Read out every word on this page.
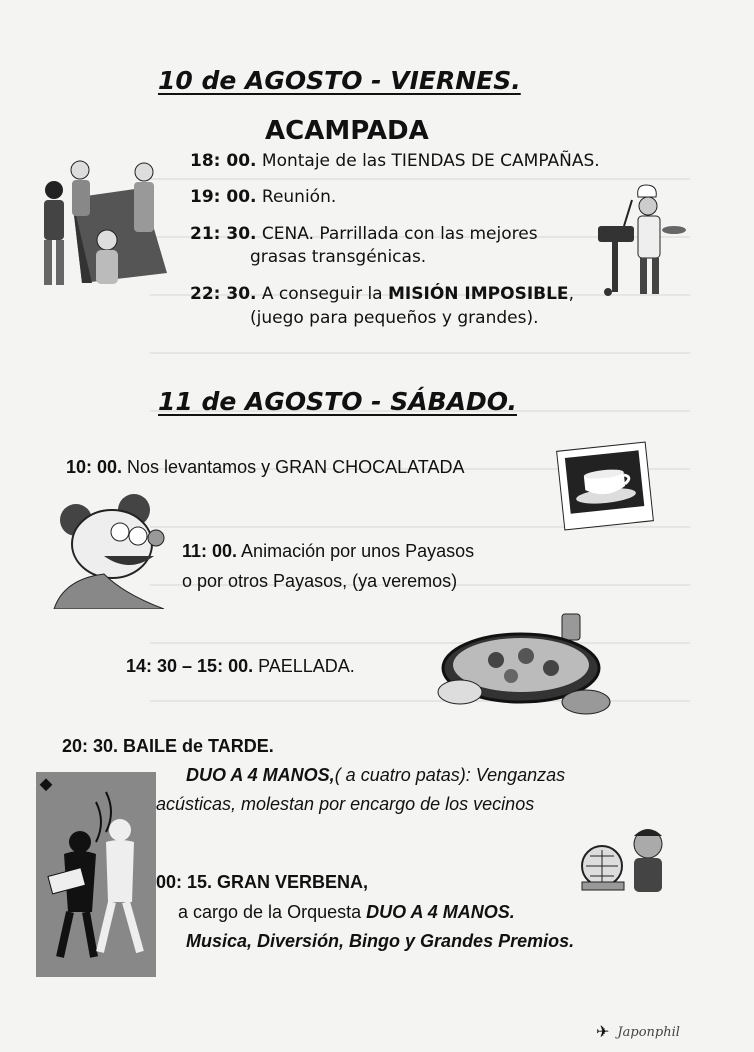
10 de AGOSTO - VIERNES.
ACAMPADA
18: 00. Montaje de las TIENDAS DE CAMPAÑAS.
19: 00. Reunión.
21: 30. CENA. Parrillada con las mejores
grasas transgénicas.
22: 30. A conseguir la MISIÓN IMPOSIBLE,
(juego para pequeños y grandes).
11 de AGOSTO - SÁBADO.
10: 00. Nos levantamos y GRAN CHOCALATADA
11: 00. Animación por unos Payasos
o por otros Payasos, (ya veremos)
14: 30 – 15: 00. PAELLADA.
20: 30. BAILE de TARDE.
DUO A 4 MANOS,( a cuatro patas): Venganzas
acústicas, molestan por encargo de los vecinos
00: 15. GRAN VERBENA,
a cargo de la Orquesta DUO A 4 MANOS.
Musica, Diversión, Bingo y Grandes Premios.
✈ Japonphil
